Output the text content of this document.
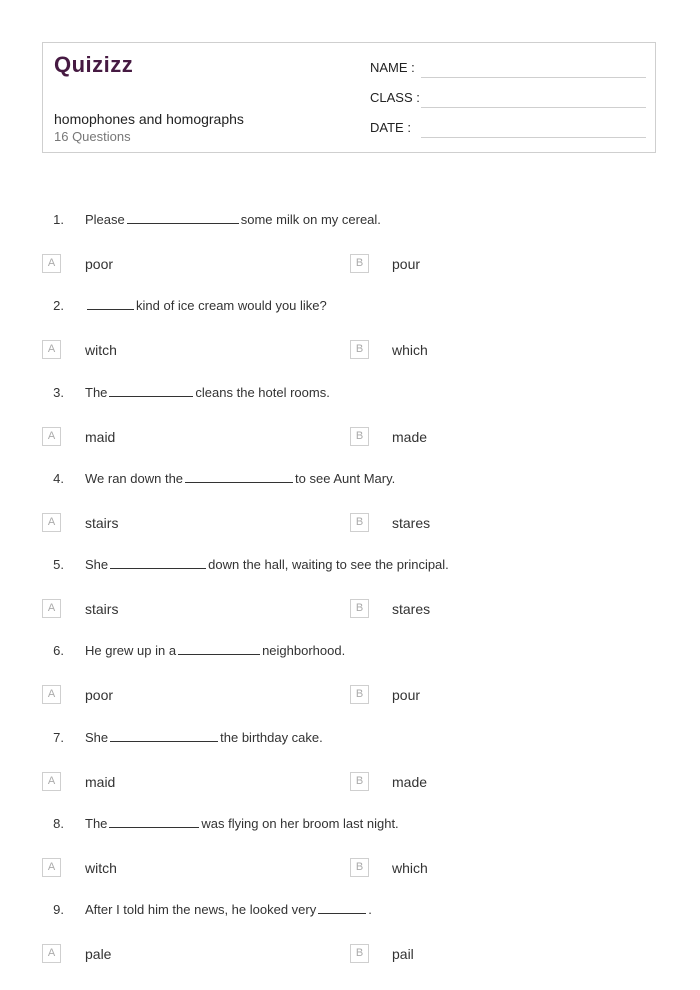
Quizizz
homophones and homographs
16 Questions
NAME :
CLASS :
DATE :
1. Please	some milk on my cereal.
A	poor	B	pour
2.	kind of ice cream would you like?
A	witch	B	which
3. The	cleans the hotel rooms.
A	maid	B	made
4. We ran down the	to see Aunt Mary.
A	stairs	B	stares
5. She	down the hall, waiting to see the principal.
A	stairs	B	stares
6. He grew up in a	neighborhood.
A	poor	B	pour
7. She	the birthday cake.
A	maid	B	made
8. The	was flying on her broom last night.
A	witch	B	which
9. After I told him the news, he looked very	.
A	pale	B	pail
